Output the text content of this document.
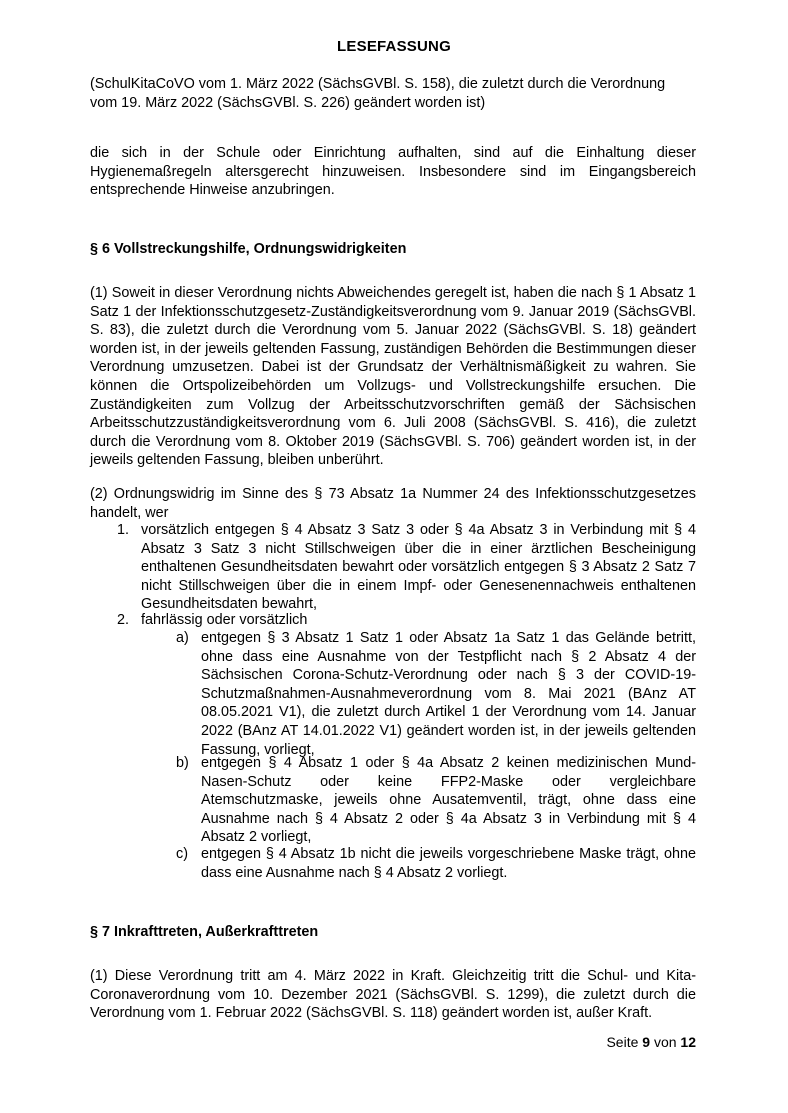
LESEFASSUNG
(SchulKitaCoVO vom 1. März 2022 (SächsGVBl. S. 158), die zuletzt durch die Verordnung
vom 19. März 2022 (SächsGVBl. S. 226) geändert worden ist)
die sich in der Schule oder Einrichtung aufhalten, sind auf die Einhaltung dieser Hygienemaßregeln altersgerecht hinzuweisen. Insbesondere sind im Eingangsbereich entsprechende Hinweise anzubringen.
§ 6 Vollstreckungshilfe, Ordnungswidrigkeiten
(1) Soweit in dieser Verordnung nichts Abweichendes geregelt ist, haben die nach § 1 Absatz 1 Satz 1 der Infektionsschutzgesetz-Zuständigkeitsverordnung vom 9. Januar 2019 (SächsGVBl. S. 83), die zuletzt durch die Verordnung vom 5. Januar 2022 (SächsGVBl. S. 18) geändert worden ist, in der jeweils geltenden Fassung, zuständigen Behörden die Bestimmungen dieser Verordnung umzusetzen. Dabei ist der Grundsatz der Verhältnismäßigkeit zu wahren. Sie können die Ortspolizeibehörden um Vollzugs- und Vollstreckungshilfe ersuchen. Die Zuständigkeiten zum Vollzug der Arbeitsschutzvorschriften gemäß der Sächsischen Arbeitsschutzzuständigkeitsverordnung vom 6. Juli 2008 (SächsGVBl. S. 416), die zuletzt durch die Verordnung vom 8. Oktober 2019 (SächsGVBl. S. 706) geändert worden ist, in der jeweils geltenden Fassung, bleiben unberührt.
(2) Ordnungswidrig im Sinne des § 73 Absatz 1a Nummer 24 des Infektionsschutzgesetzes handelt, wer
1. vorsätzlich entgegen § 4 Absatz 3 Satz 3 oder § 4a Absatz 3 in Verbindung mit § 4 Absatz 3 Satz 3 nicht Stillschweigen über die in einer ärztlichen Bescheinigung enthaltenen Gesundheitsdaten bewahrt oder vorsätzlich entgegen § 3 Absatz 2 Satz 7 nicht Stillschweigen über die in einem Impf- oder Genesenennachweis enthaltenen Gesundheitsdaten bewahrt,
2. fahrlässig oder vorsätzlich
a) entgegen § 3 Absatz 1 Satz 1 oder Absatz 1a Satz 1 das Gelände betritt, ohne dass eine Ausnahme von der Testpflicht nach § 2 Absatz 4 der Sächsischen Corona-Schutz-Verordnung oder nach § 3 der COVID-19-Schutzmaßnahmen-Ausnahmeverordnung vom 8. Mai 2021 (BAnz AT 08.05.2021 V1), die zuletzt durch Artikel 1 der Verordnung vom 14. Januar 2022 (BAnz AT 14.01.2022 V1) geändert worden ist, in der jeweils geltenden Fassung, vorliegt,
b) entgegen § 4 Absatz 1 oder § 4a Absatz 2 keinen medizinischen Mund-Nasen-Schutz oder keine FFP2-Maske oder vergleichbare Atemschutzmaske, jeweils ohne Ausatemventil, trägt, ohne dass eine Ausnahme nach § 4 Absatz 2 oder § 4a Absatz 3 in Verbindung mit § 4 Absatz 2 vorliegt,
c) entgegen § 4 Absatz 1b nicht die jeweils vorgeschriebene Maske trägt, ohne dass eine Ausnahme nach § 4 Absatz 2 vorliegt.
§ 7 Inkrafttreten, Außerkrafttreten
(1) Diese Verordnung tritt am 4. März 2022 in Kraft. Gleichzeitig tritt die Schul- und Kita-Coronaverordnung vom 10. Dezember 2021 (SächsGVBl. S. 1299), die zuletzt durch die Verordnung vom 1. Februar 2022 (SächsGVBl. S. 118) geändert worden ist, außer Kraft.
Seite 9 von 12
